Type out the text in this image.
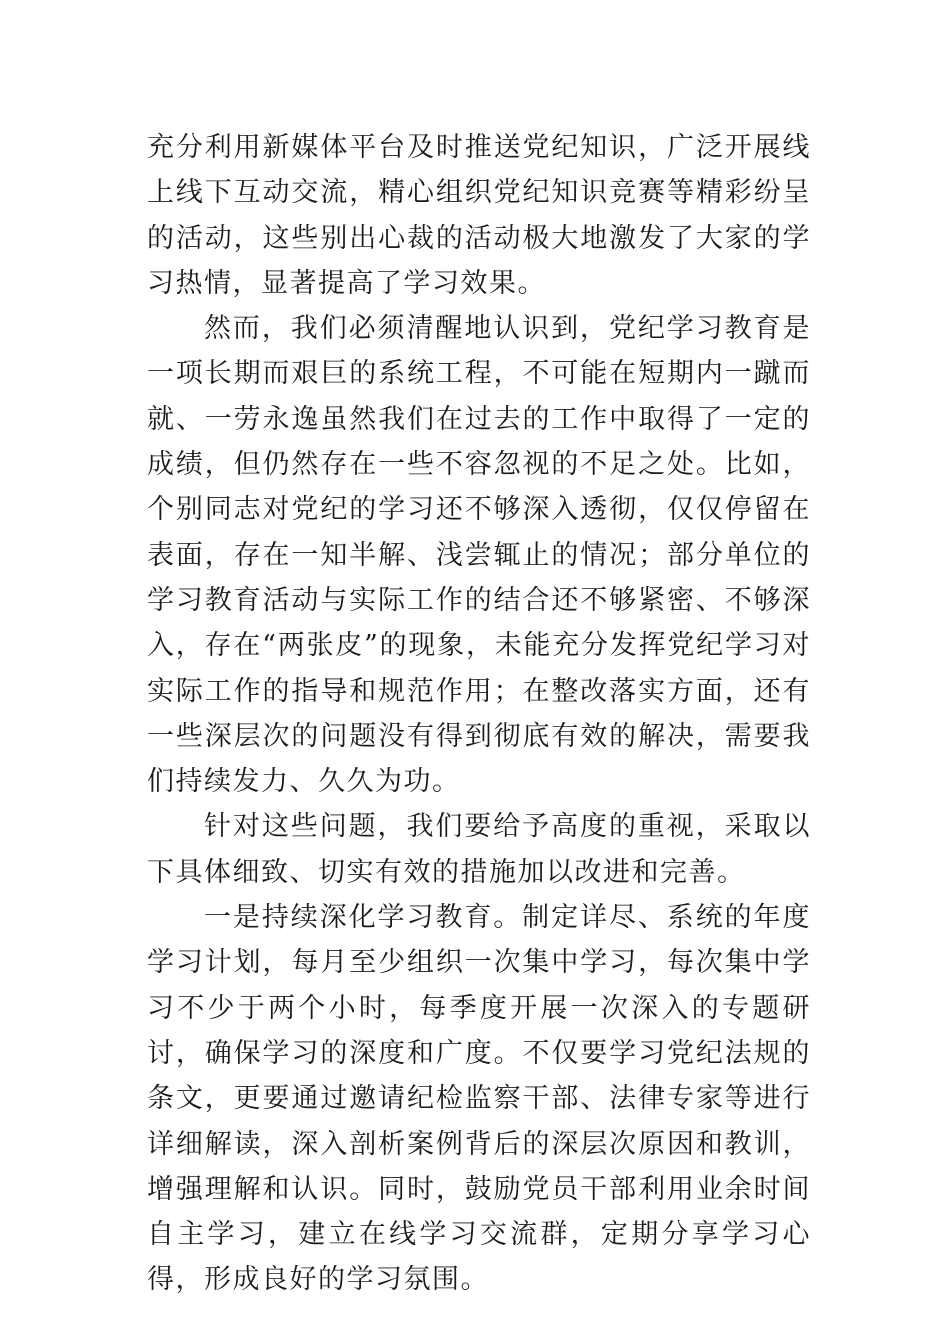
充分利用新媒体平台及时推送党纪知识，广泛开展线上线下互动交流，精心组织党纪知识竞赛等精彩纷呈的活动，这些别出心裁的活动极大地激发了大家的学习热情，显著提高了学习效果。

然而，我们必须清醒地认识到，党纪学习教育是一项长期而艰巨的系统工程，不可能在短期内一蹴而就、一劳永逸虽然我们在过去的工作中取得了一定的成绩，但仍然存在一些不容忽视的不足之处。比如，个别同志对党纪的学习还不够深入透彻，仅仅停留在表面，存在一知半解、浅尝辄止的情况；部分单位的学习教育活动与实际工作的结合还不够紧密、不够深入，存在“两张皮”的现象，未能充分发挥党纪学习对实际工作的指导和规范作用；在整改落实方面，还有一些深层次的问题没有得到彻底有效的解决，需要我们持续发力、久久为功。

针对这些问题，我们要给予高度的重视，采取以下具体细致、切实有效的措施加以改进和完善。

一是持续深化学习教育。制定详尽、系统的年度学习计划，每月至少组织一次集中学习，每次集中学习不少于两个小时，每季度开展一次深入的专题研讨，确保学习的深度和广度。不仅要学习党纪法规的条文，更要通过邀请纪检监察干部、法律专家等进行详细解读，深入剖析案例背后的深层次原因和教训，增强理解和认识。同时，鼓励党员干部利用业余时间自主学习，建立在线学习交流群，定期分享学习心得，形成良好的学习氛围。
